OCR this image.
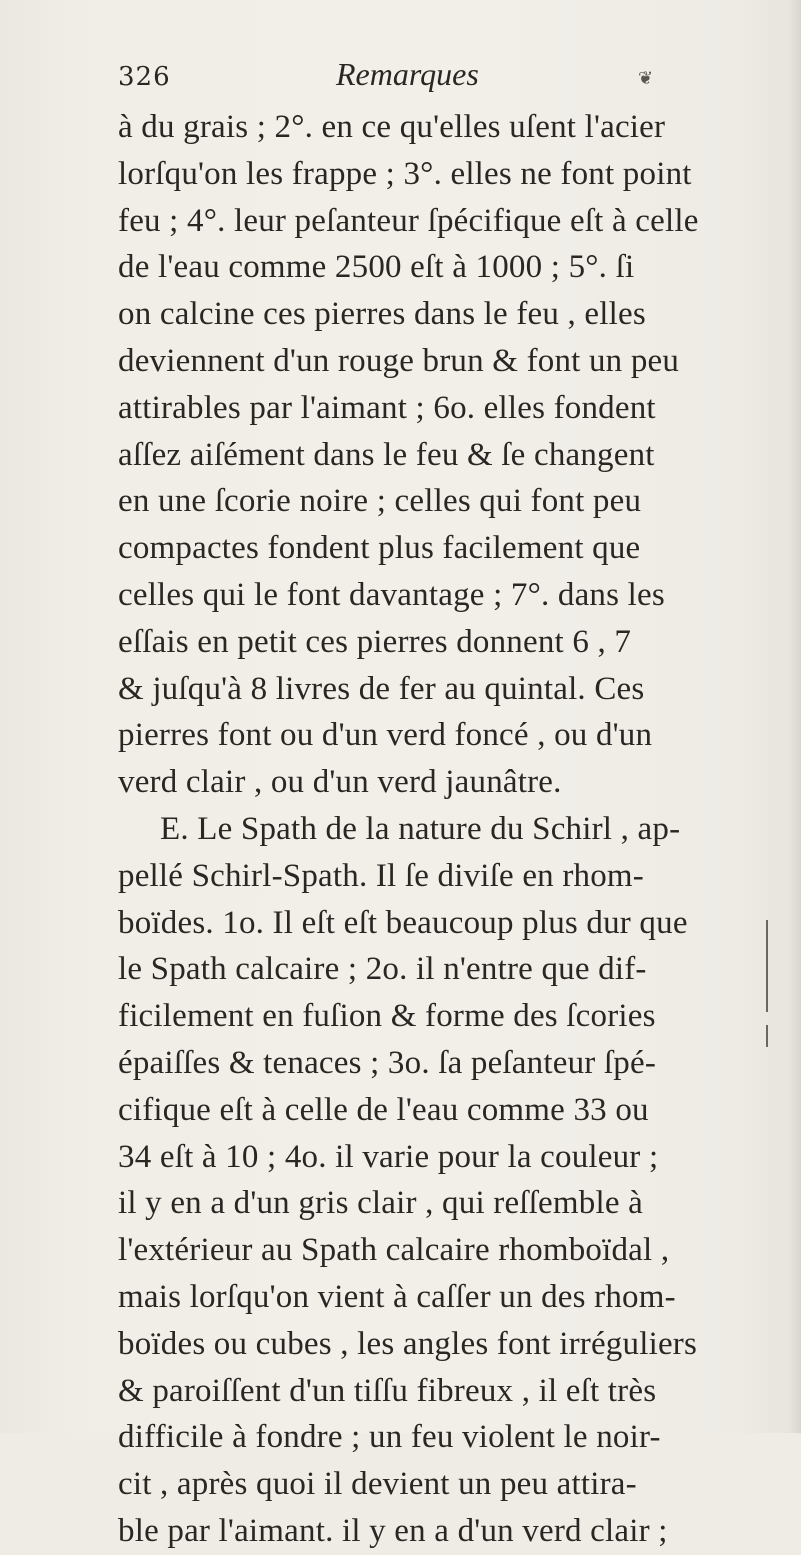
326	Remarques	❦
à du grais ; 2°. en ce qu'elles uſent l'acier
lorſqu'on les frappe ; 3°. elles ne font point
feu ; 4°. leur peſanteur ſpécifique eſt à celle
de l'eau comme 2500 eſt à 1000 ; 5°. ſi
on calcine ces pierres dans le feu , elles
deviennent d'un rouge brun & font un peu
attirables par l'aimant ; 6o. elles fondent
aſſez aiſément dans le feu & ſe changent
en une ſcorie noire ; celles qui font peu
compactes fondent plus facilement que
celles qui le font davantage ; 7°. dans les
eſſais en petit ces pierres donnent 6 , 7
& juſqu'à 8 livres de fer au quintal. Ces
pierres font ou d'un verd foncé , ou d'un
verd clair , ou d'un verd jaunâtre.
E. Le Spath de la nature du Schirl , ap-
pellé Schirl-Spath. Il ſe diviſe en rhom-
boïdes. 1o. Il eſt eſt beaucoup plus dur que
le Spath calcaire ; 2o. il n'entre que dif-
ficilement en fuſion & forme des ſcories
épaiſſes & tenaces ; 3o. ſa peſanteur ſpé-
cifique eſt à celle de l'eau comme 33 ou
34 eſt à 10 ; 4o. il varie pour la couleur ;
il y en a d'un gris clair , qui reſſemble à
l'extérieur au Spath calcaire rhomboïdal ,
mais lorſqu'on vient à caſſer un des rhom-
boïdes ou cubes , les angles font irréguliers
& paroiſſent d'un tiſſu fibreux , il eſt très
difficile à fondre ; un feu violent le noir-
cit , après quoi il devient un peu attira-
ble par l'aimant. il y en a d'un verd clair ;
